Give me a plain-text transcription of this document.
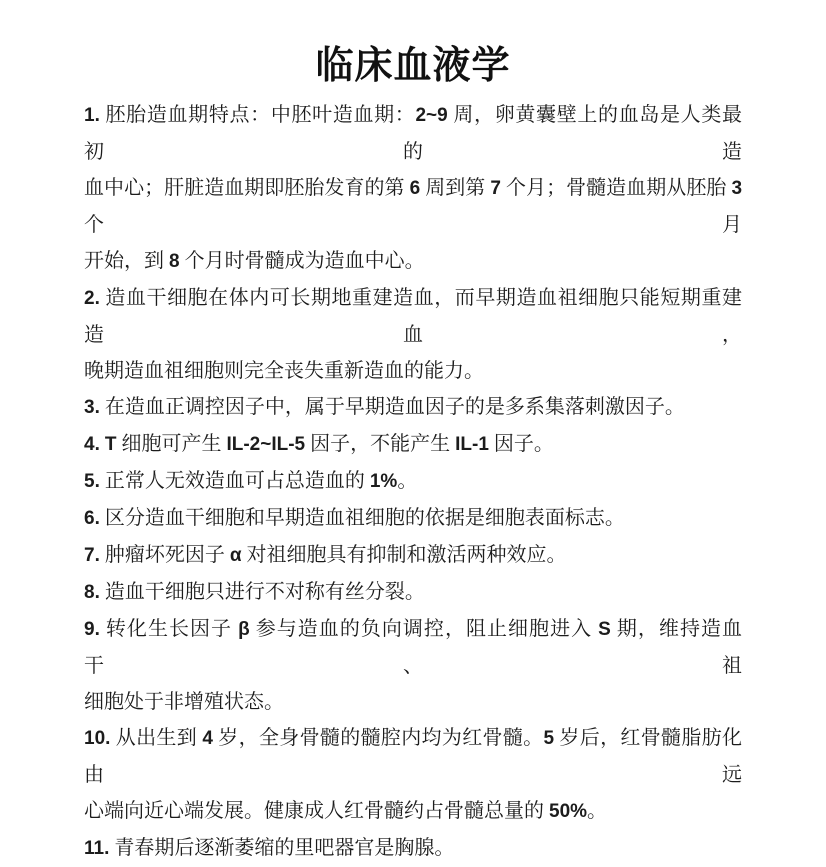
临床血液学
1. 胚胎造血期特点：中胚叶造血期：2~9 周，卵黄囊壁上的血岛是人类最初的造
血中心；肝脏造血期即胚胎发育的第 6 周到第 7 个月；骨髓造血期从胚胎 3 个月
开始，到 8 个月时骨髓成为造血中心。
2. 造血干细胞在体内可长期地重建造血，而早期造血祖细胞只能短期重建造血，
晚期造血祖细胞则完全丧失重新造血的能力。
3. 在造血正调控因子中，属于早期造血因子的是多系集落刺激因子。
4. T 细胞可产生 IL-2~IL-5 因子，不能产生 IL-1 因子。
5. 正常人无效造血可占总造血的 1%。
6. 区分造血干细胞和早期造血祖细胞的依据是细胞表面标志。
7. 肿瘤坏死因子 α 对祖细胞具有抑制和激活两种效应。
8. 造血干细胞只进行不对称有丝分裂。
9. 转化生长因子 β 参与造血的负向调控，阻止细胞进入 S 期，维持造血干、祖
细胞处于非增殖状态。
10. 从出生到 4 岁，全身骨髓的髓腔内均为红骨髓。5 岁后，红骨髓脂肪化由远
心端向近心端发展。健康成人红骨髓约占骨髓总量的 50%。
11. 青春期后逐渐萎缩的里吧器官是胸腺。
